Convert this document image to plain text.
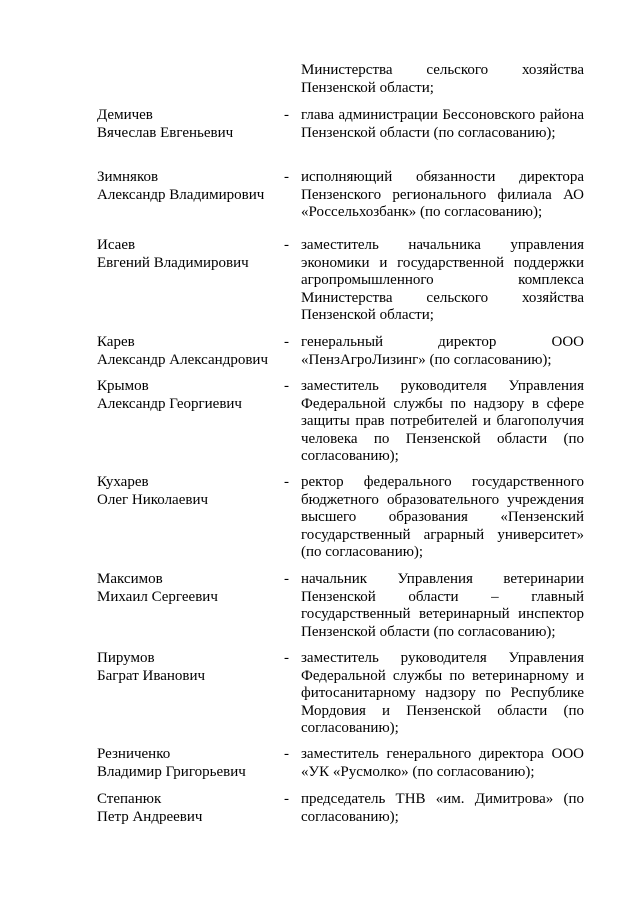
Министерства сельского хозяйства Пензенской области;

Демичев
Вячеслав Евгеньевич

- глава администрации Бессоновского района Пензенской области (по согласованию);

Зимняков
Александр Владимирович

- исполняющий обязанности директора Пензенского регионального филиала АО «Россельхозбанк» (по согласованию);

Исаев
Евгений Владимирович

- заместитель начальника управления экономики и государственной поддержки агропромышленного комплекса Министерства сельского хозяйства Пензенской области;

Карев
Александр Александрович

- генеральный директор ООО «ПензАгроЛизинг» (по согласованию);

Крымов
Александр Георгиевич

- заместитель руководителя Управления Федеральной службы по надзору в сфере защиты прав потребителей и благополучия человека по Пензенской области (по согласованию);

Кухарев
Олег Николаевич

- ректор федерального государственного бюджетного образовательного учреждения высшего образования «Пензенский государственный аграрный университет» (по согласованию);

Максимов
Михаил Сергеевич

- начальник Управления ветеринарии Пензенской области – главный государственный ветеринарный инспектор Пензенской области (по согласованию);

Пирумов
Баграт Иванович

- заместитель руководителя Управления Федеральной службы по ветеринарному и фитосанитарному надзору по Республике Мордовия и Пензенской области (по согласованию);

Резниченко
Владимир Григорьевич

- заместитель генерального директора ООО «УК «Русмолко» (по согласованию);

Степанюк
Петр Андреевич

- председатель ТНВ «им. Димитрова» (по согласованию);
